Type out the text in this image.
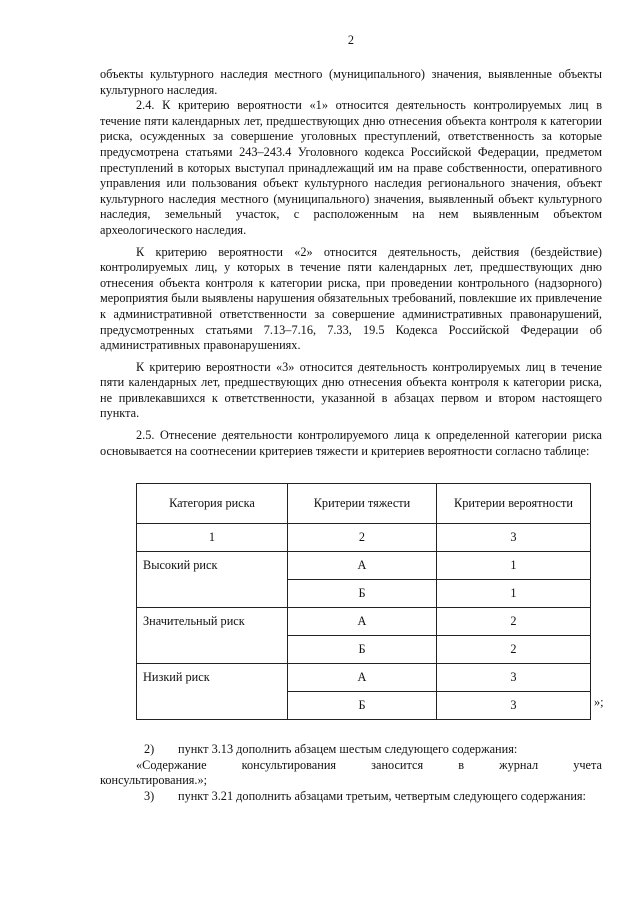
2

объекты культурного наследия местного (муниципального) значения, выявленные объекты культурного наследия.

2.4. К критерию вероятности «1» относится деятельность контролируемых лиц в течение пяти календарных лет, предшествующих дню отнесения объекта контроля к категории риска, осужденных за совершение уголовных преступлений, ответственность за которые предусмотрена статьями 243–243.4 Уголовного кодекса Российской Федерации, предметом преступлений в которых выступал принадлежащий им на праве собственности, оперативного управления или пользования объект культурного наследия регионального значения, объект культурного наследия местного (муниципального) значения, выявленный объект культурного наследия, земельный участок, с расположенным на нем выявленным объектом археологического наследия.

К критерию вероятности «2» относится деятельность, действия (бездействие) контролируемых лиц, у которых в течение пяти календарных лет, предшествующих дню отнесения объекта контроля к категории риска, при проведении контрольного (надзорного) мероприятия были выявлены нарушения обязательных требований, повлекшие их привлечение к административной ответственности за совершение административных правонарушений, предусмотренных статьями 7.13–7.16, 7.33, 19.5 Кодекса Российской Федерации об административных правонарушениях.

К критерию вероятности «3» относится деятельность контролируемых лиц в течение пяти календарных лет, предшествующих дню отнесения объекта контроля к категории риска, не привлекавшихся к ответственности, указанной в абзацах первом и втором настоящего пункта.

2.5. Отнесение деятельности контролируемого лица к определенной категории риска основывается на соотнесении критериев тяжести и критериев вероятности согласно таблице:

Категория риска	Критерии тяжести	Критерии вероятности
1	2	3
Высокий риск	А	1
	Б	1
Значительный риск	А	2
	Б	2
Низкий риск	А	3
	Б	3	»;

2) пункт 3.13 дополнить абзацем шестым следующего содержания:

«Содержание консультирования заносится в журнал учета консультирования.»;

3) пункт 3.21 дополнить абзацами третьим, четвертым следующего содержания:
